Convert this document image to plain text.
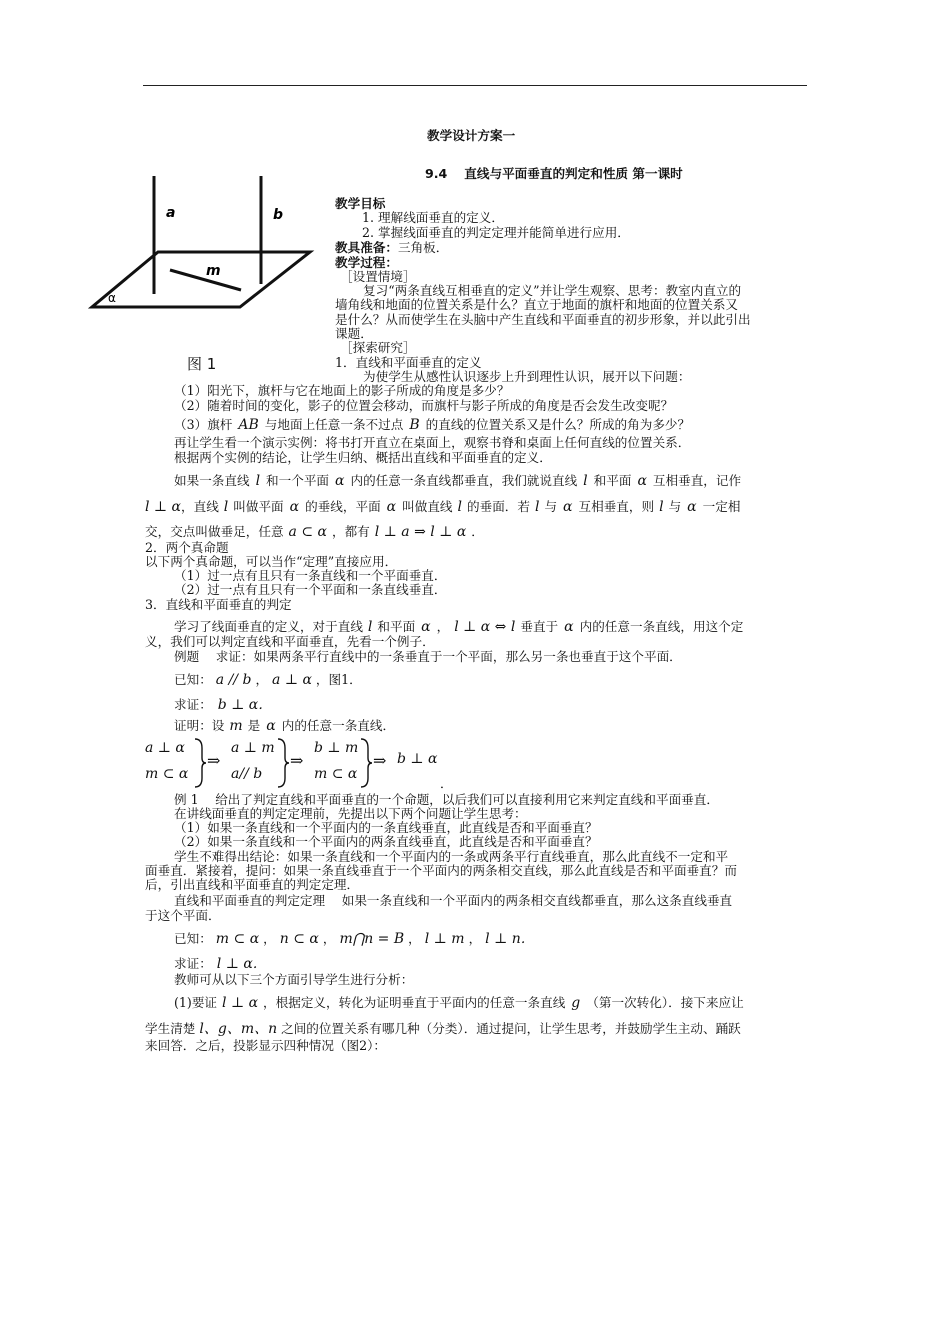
教学设计方案一
9.4　 直线与平面垂直的判定和性质 第一课时
a	b
m
α
图 1
教学目标
1. 理解线面垂直的定义．
2. 掌握线面垂直的判定定理并能简单进行应用．
教具准备：三角板．
教学过程：
［设置情境］
复习“两条直线互相垂直的定义”并让学生观察、思考：教室内直立的
墙角线和地面的位置关系是什么？直立于地面的旗杆和地面的位置关系又
是什么？从而使学生在头脑中产生直线和平面垂直的初步形象，并以此引出
课题．
［探索研究］
1．直线和平面垂直的定义
为使学生从感性认识逐步上升到理性认识，展开以下问题：
（1）阳光下，旗杆与它在地面上的影子所成的角度是多少？
（2）随着时间的变化，影子的位置会移动，而旗杆与影子所成的角度是否会发生改变呢？
（3）旗杆 AB 与地面上任意一条不过点 B 的直线的位置关系又是什么？所成的角为多少？
再让学生看一个演示实例：将书打开直立在桌面上，观察书脊和桌面上任何直线的位置关系．
根据两个实例的结论，让学生归纳、概括出直线和平面垂直的定义．
如果一条直线 l 和一个平面 α 内的任意一条直线都垂直，我们就说直线 l 和平面 α 互相垂直，记作
l ⊥ α，直线 l 叫做平面 α 的垂线，平面 α 叫做直线 l 的垂面．若 l 与 α 互相垂直，则 l 与 α 一定相
交，交点叫做垂足，任意 a ⊂ α ，都有 l ⊥ a ⇒ l ⊥ α ．
2．两个真命题
以下两个真命题，可以当作“定理”直接应用．
（1）过一点有且只有一条直线和一个平面垂直．
（2）过一点有且只有一个平面和一条直线垂直．
3．直线和平面垂直的判定
学习了线面垂直的定义，对于直线 l 和平面 α ， l ⊥ α ⇔ l 垂直于 α 内的任意一条直线，用这个定
义，我们可以判定直线和平面垂直，先看一个例子．
例题　 求证：如果两条平行直线中的一条垂直于一个平面，那么另一条也垂直于这个平面．
已知： a // b ， a ⊥ α ，图1．
求证： b ⊥ α．
证明：设 m 是 α 内的任意一条直线．
a ⊥ α
m ⊂ α
⇒
a ⊥ m
a// b
⇒
b ⊥ m
m ⊂ α
⇒ b ⊥ α
．
例 1　 给出了判定直线和平面垂直的一个命题，以后我们可以直接利用它来判定直线和平面垂直．
在讲线面垂直的判定定理前，先提出以下两个问题让学生思考：
（1）如果一条直线和一个平面内的一条直线垂直，此直线是否和平面垂直？
（2）如果一条直线和一个平面内的两条直线垂直，此直线是否和平面垂直？
学生不难得出结论：如果一条直线和一个平面内的一条或两条平行直线垂直，那么此直线不一定和平
面垂直．紧接着，提问：如果一条直线垂直于一个平面内的两条相交直线，那么此直线是否和平面垂直？而
后，引出直线和平面垂直的判定定理．
直线和平面垂直的判定定理　 如果一条直线和一个平面内的两条相交直线都垂直，那么这条直线垂直
于这个平面．
已知： m ⊂ α ， n ⊂ α ， m⋂n = B ， l ⊥ m ， l ⊥ n．
求证： l ⊥ α．
教师可从以下三个方面引导学生进行分析：
(1)要证 l ⊥ α ，根据定义，转化为证明垂直于平面内的任意一条直线 g （第一次转化）．接下来应让
学生清楚 l、g、m、n 之间的位置关系有哪几种（分类）．通过提问，让学生思考，并鼓励学生主动、踊跃
来回答．之后，投影显示四种情况（图2）：
